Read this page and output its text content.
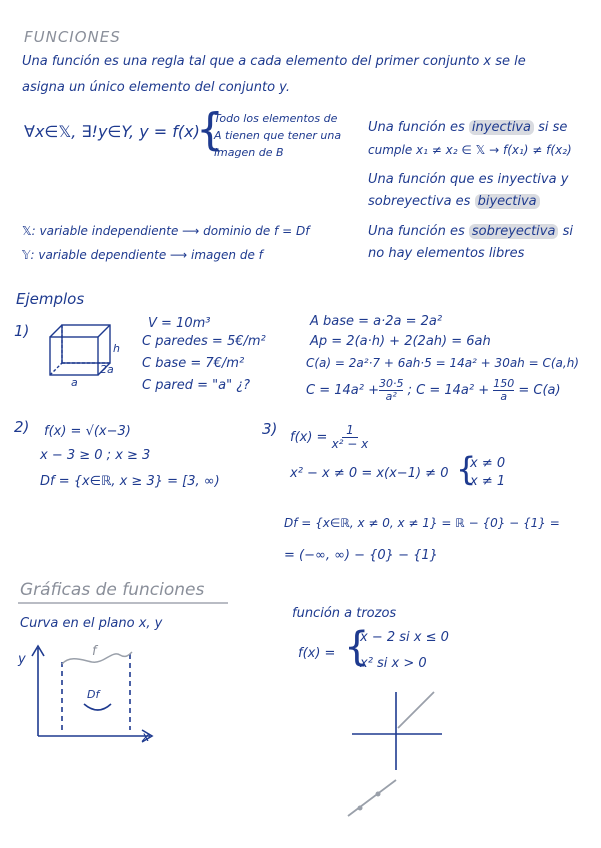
FUNCIONES
Una función es una regla tal que a cada elemento del primer conjunto x se le
asigna un único elemento del conjunto y.
∀x∈𝕏, ∃!y∈Y, y = f(x)
{
Todo los elementos de
A tienen que tener una
imagen de B
Una función es inyectiva si se
cumple x₁ ≠ x₂ ∈ 𝕏 → f(x₁) ≠ f(x₂)
Una función que es inyectiva y
sobreyectiva es biyectiva
𝕏: variable independiente ⟶ dominio de f = Df
𝕐: variable dependiente ⟶ imagen de f
Una función es sobreyectiva si
no hay elementos libres
Ejemplos
1)
h
2a
a
V = 10m³
C paredes = 5€/m²
C base = 7€/m²
C pared = "a" ¿?
A base = a·2a = 2a²
Ap = 2(a·h) + 2(2ah) = 6ah
C(a) = 2a²·7 + 6ah·5 = 14a² + 30ah = C(a,h)
$C = 14a^2 + \frac{30\cdot 5}{\text{a²}}$ ; $C = 14a^2 + \frac{150}{a} = C(a)$
2) f(x) = √(x−3)
x − 3 ≥ 0 ; x ≥ 3
Df = {x∈ℝ, x ≥ 3} = [3, ∞)
3) $f(x) = \frac{1}{\text{x² − x}}$
x² − x ≠ 0 = x(x−1) ≠ 0 {
x ≠ 0
x ≠ 1
Df = {x∈ℝ, x ≠ 0, x ≠ 1} = ℝ − {0} − {1} =
= (−∞, ∞) − {0} − {1}
Gráficas de funciones
Curva en el plano x, y
y
x
f
Df
función a trozos
f(x) = {
x − 2 si x ≤ 0
x² si x > 0
